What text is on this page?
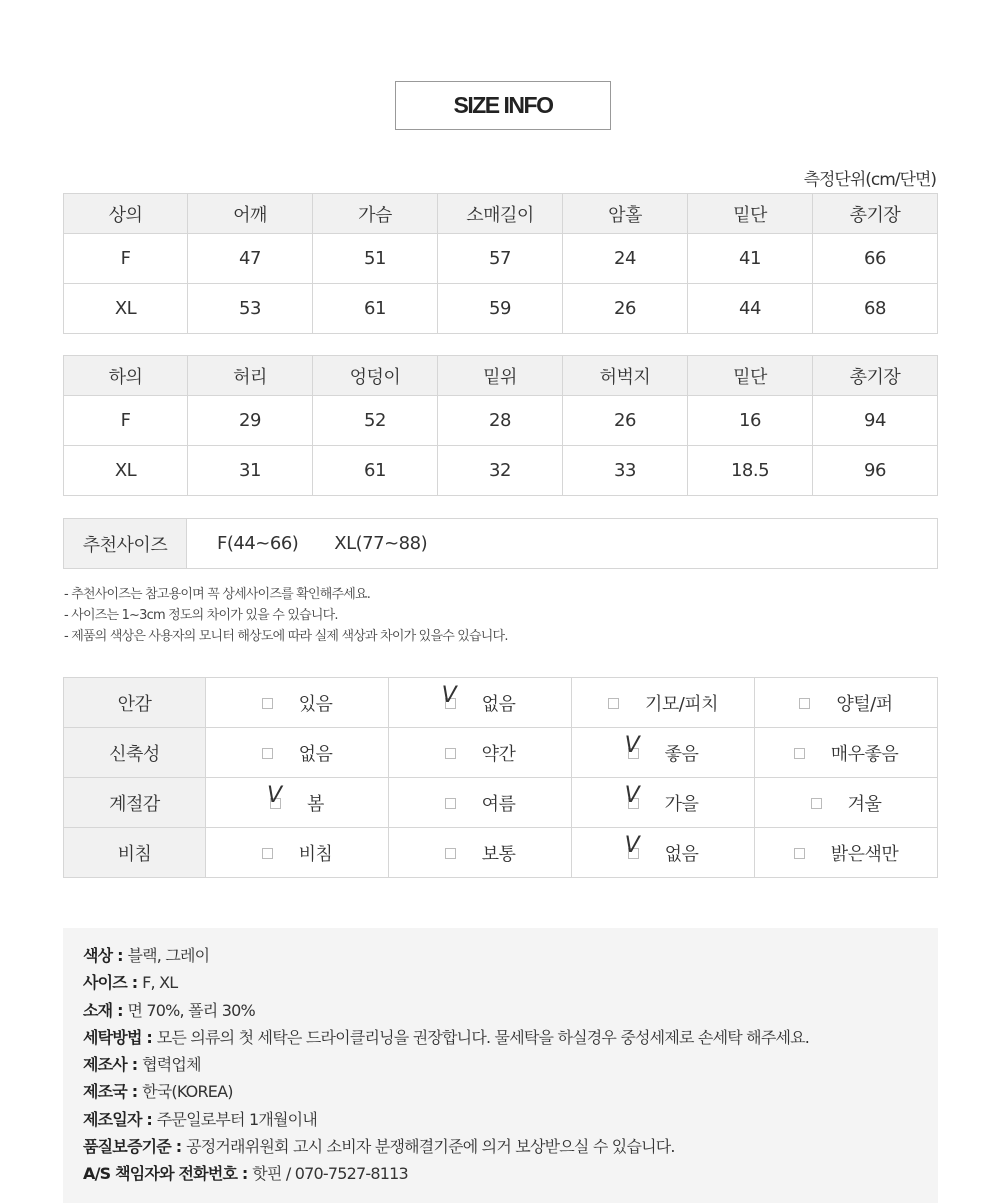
SIZE INFO
측정단위(cm/단면)
상의	어깨	가슴	소매길이	암홀	밑단	총기장
F	47	51	57	24	41	66
XL	53	61	59	26	44	68
하의	허리	엉덩이	밑위	허벅지	밑단	총기장
F	29	52	28	26	16	94
XL	31	61	32	33	18.5	96
추천사이즈	F(44~66) XL(77~88)
- 추천사이즈는 참고용이며 꼭 상세사이즈를 확인해주세요.
- 사이즈는 1~3cm 정도의 차이가 있을 수 있습니다.
- 제품의 색상은 사용자의 모니터 해상도에 따라 실제 색상과 차이가 있을수 있습니다.
안감	있음	V 없음	기모/피치	양털/퍼

신축성	없음	약간	V 좋음	매우좋음

계절감	V 봄	여름	V 가을	겨울

비침	비침	보통	V 없음	밝은색만
색상 : 블랙, 그레이
사이즈 : F, XL
소재 : 면 70%, 폴리 30%
세탁방법 : 모든 의류의 첫 세탁은 드라이클리닝을 권장합니다. 물세탁을 하실경우 중성세제로 손세탁 해주세요.
제조사 : 협력업체
제조국 : 한국(KOREA)
제조일자 : 주문일로부터 1개월이내
품질보증기준 : 공정거래위원회 고시 소비자 분쟁해결기준에 의거 보상받으실 수 있습니다.
A/S 책임자와 전화번호 : 핫핀 / 070-7527-8113
